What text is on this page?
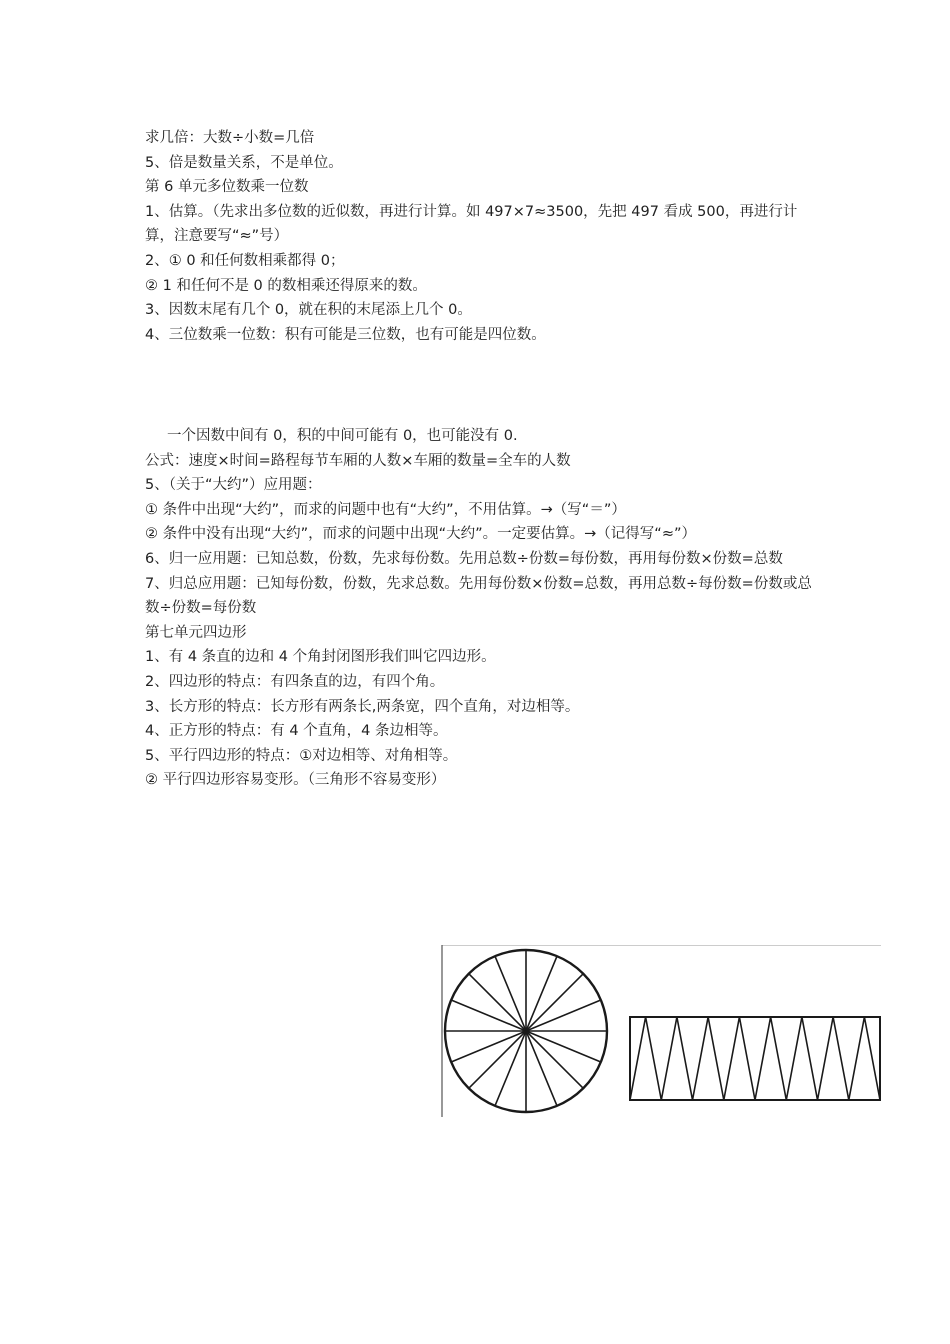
求几倍：大数÷小数=几倍
5、倍是数量关系，不是单位。
第 6 单元多位数乘一位数
1、估算。（先求出多位数的近似数，再进行计算。如 497×7≈3500，先把 497 看成 500，再进行计算，注意要写“≈”号）
2、① 0 和任何数相乘都得 0；
② 1 和任何不是 0 的数相乘还得原来的数。
3、因数末尾有几个 0，就在积的末尾添上几个 0。
4、三位数乘一位数：积有可能是三位数，也有可能是四位数。
一个因数中间有 0，积的中间可能有 0，也可能没有 0.
公式：速度×时间=路程每节车厢的人数×车厢的数量=全车的人数
5、（关于“大约”）应用题：
① 条件中出现“大约”，而求的问题中也有“大约”，不用估算。→（写“＝”）
② 条件中没有出现“大约”，而求的问题中出现“大约”。一定要估算。→（记得写“≈”）
6、归一应用题：已知总数，份数，先求每份数。先用总数÷份数=每份数，再用每份数×份数=总数
7、归总应用题：已知每份数，份数，先求总数。先用每份数×份数=总数，再用总数÷每份数=份数或总数÷份数=每份数
第七单元四边形
1、有 4 条直的边和 4 个角封闭图形我们叫它四边形。
2、四边形的特点：有四条直的边，有四个角。
3、长方形的特点：长方形有两条长,两条宽，四个直角，对边相等。
4、正方形的特点：有 4 个直角，4 条边相等。
5、平行四边形的特点：①对边相等、对角相等。
② 平行四边形容易变形。（三角形不容易变形）
